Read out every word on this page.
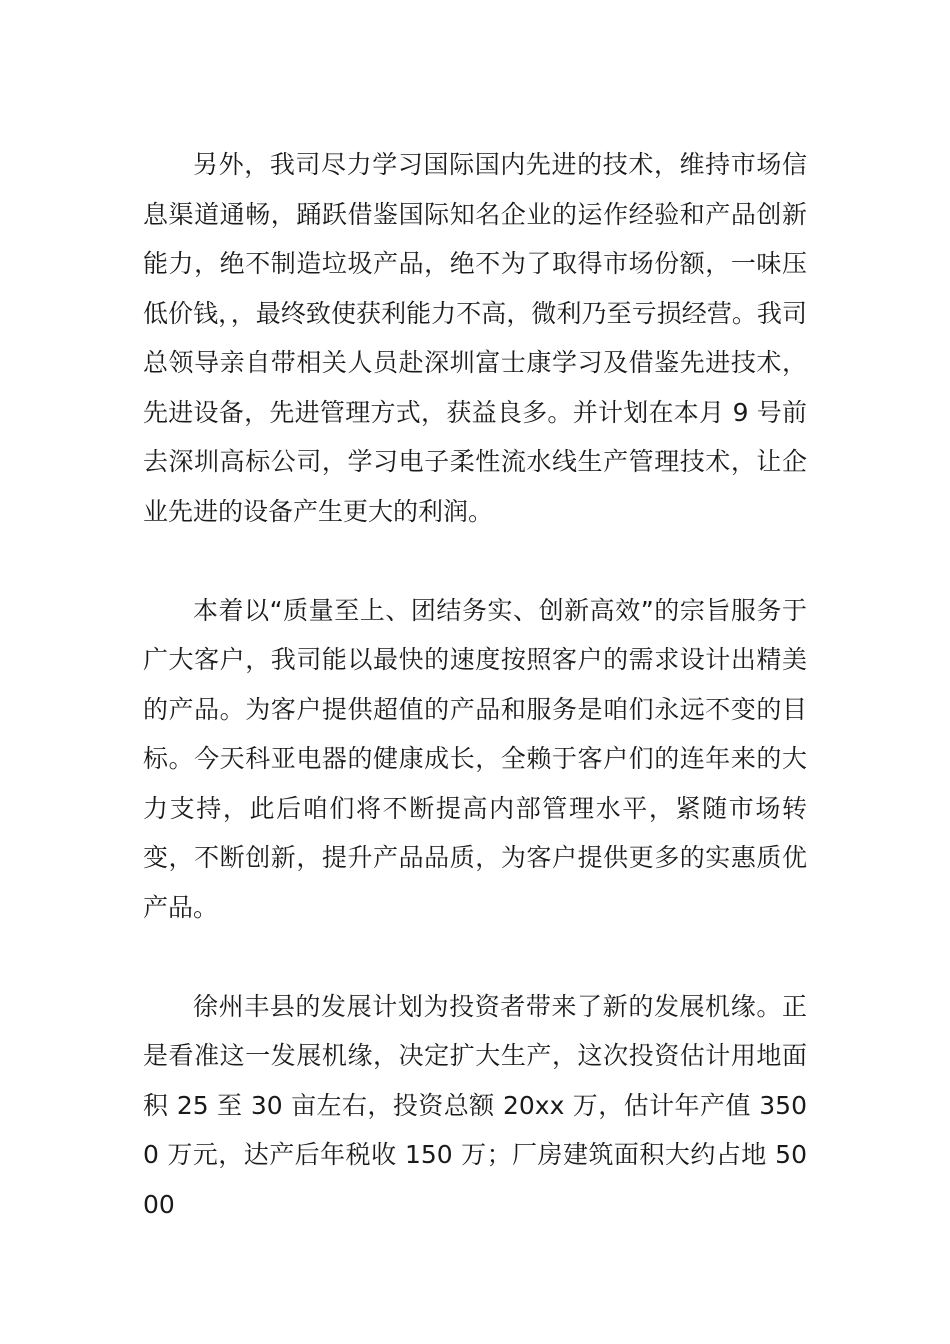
另外，我司尽力学习国际国内先进的技术，维持市场信息渠道通畅，踊跃借鉴国际知名企业的运作经验和产品创新能力，绝不制造垃圾产品，绝不为了取得市场份额，一味压低价钱，，最终致使获利能力不高，微利乃至亏损经营。我司总领导亲自带相关人员赴深圳富士康学习及借鉴先进技术，先进设备，先进管理方式，获益良多。并计划在本月 9 号前去深圳高标公司，学习电子柔性流水线生产管理技术，让企业先进的设备产生更大的利润。

本着以“质量至上、团结务实、创新高效”的宗旨服务于广大客户，我司能以最快的速度按照客户的需求设计出精美的产品。为客户提供超值的产品和服务是咱们永远不变的目标。今天科亚电器的健康成长，全赖于客户们的连年来的大力支持，此后咱们将不断提高内部管理水平，紧随市场转变，不断创新，提升产品品质，为客户提供更多的实惠质优产品。

徐州丰县的发展计划为投资者带来了新的发展机缘。正是看准这一发展机缘，决定扩大生产，这次投资估计用地面积 25 至 30 亩左右，投资总额 20xx 万，估计年产值 3500 万元，达产后年税收 150 万；厂房建筑面积大约占地 5000
